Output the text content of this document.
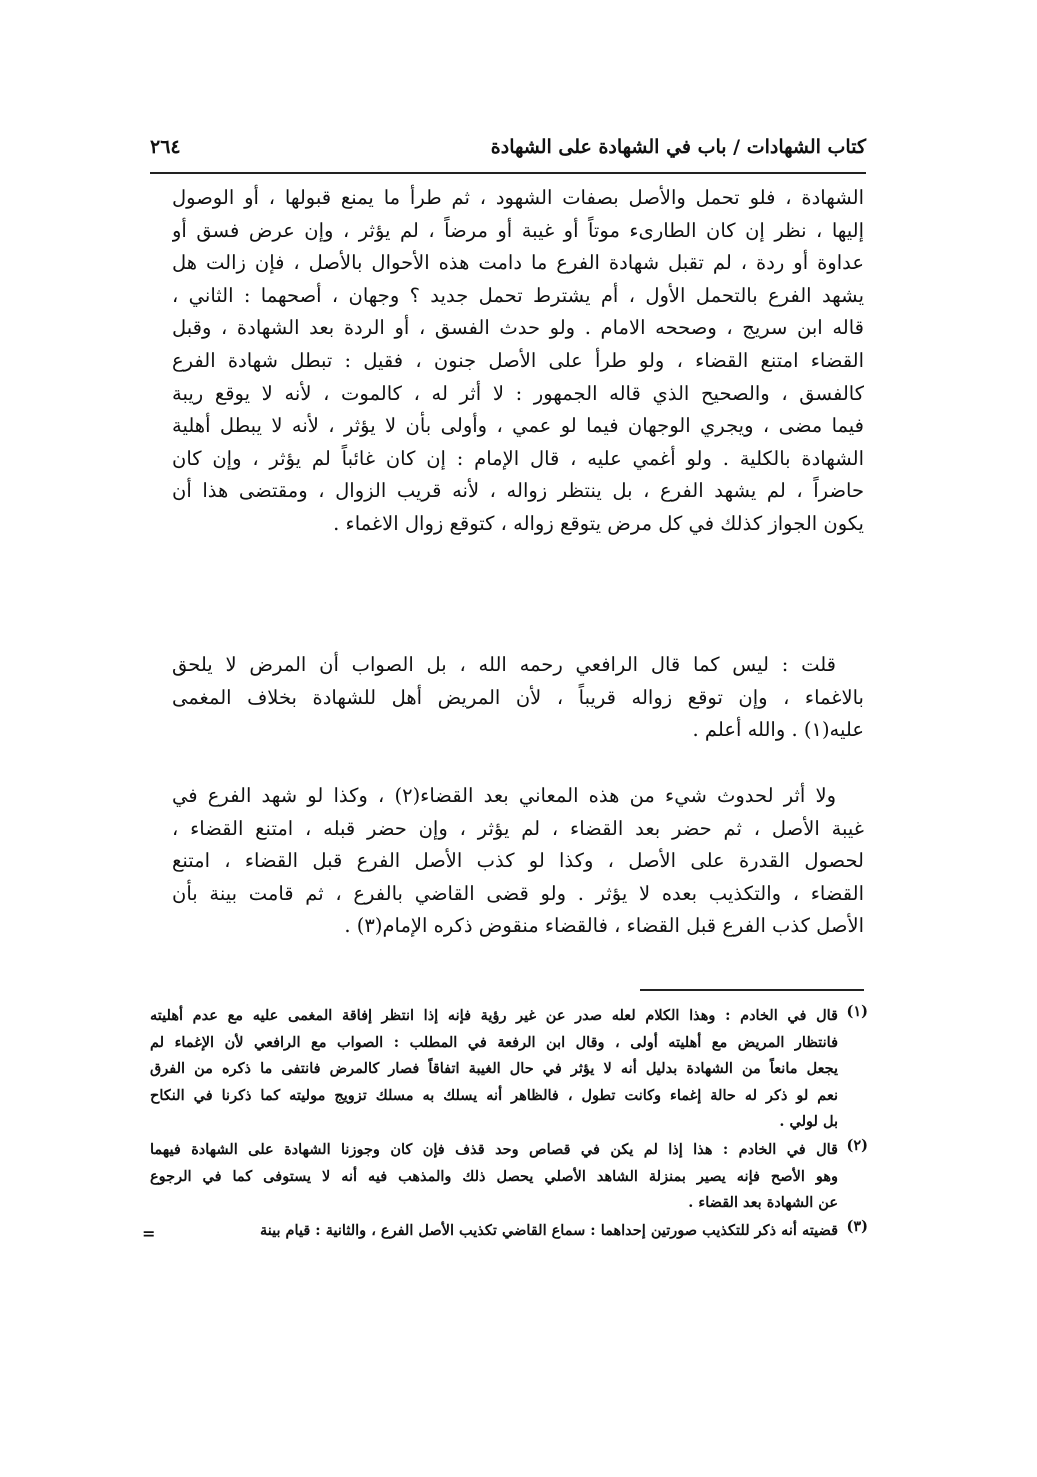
كتاب الشهادات / باب في الشهادة على الشهادة
٢٦٤
الشهادة ، فلو تحمل والأصل بصفات الشهود ، ثم طرأ ما يمنع قبولها ، أو الوصول
إليها ، نظر إن كان الطارىء موتاً أو غيبة أو مرضاً ، لم يؤثر ، وإن عرض فسق أو
عداوة أو ردة ، لم تقبل شهادة الفرع ما دامت هذه الأحوال بالأصل ، فإن زالت هل
يشهد الفرع بالتحمل الأول ، أم يشترط تحمل جديد ؟ وجهان ، أصحهما : الثاني ،
قاله ابن سريج ، وصححه الامام . ولو حدث الفسق ، أو الردة بعد الشهادة ، وقبل
القضاء امتنع القضاء ، ولو طرأ على الأصل جنون ، فقيل : تبطل شهادة الفرع
كالفسق ، والصحيح الذي قاله الجمهور : لا أثر له ، كالموت ، لأنه لا يوقع ريبة
فيما مضى ، ويجري الوجهان فيما لو عمي ، وأولى بأن لا يؤثر ، لأنه لا يبطل أهلية
الشهادة بالكلية . ولو أغمي عليه ، قال الإمام : إن كان غائباً لم يؤثر ، وإن كان
حاضراً ، لم يشهد الفرع ، بل ينتظر زواله ، لأنه قريب الزوال ، ومقتضى هذا أن
يكون الجواز كذلك في كل مرض يتوقع زواله ، كتوقع زوال الاغماء .
قلت : ليس كما قال الرافعي رحمه الله ، بل الصواب أن المرض لا يلحق
بالاغماء ، وإن توقع زواله قريباً ، لأن المريض أهل للشهادة بخلاف المغمى
عليه(١) . والله أعلم .
ولا أثر لحدوث شيء من هذه المعاني بعد القضاء(٢) ، وكذا لو شهد الفرع في
غيبة الأصل ، ثم حضر بعد القضاء ، لم يؤثر ، وإن حضر قبله ، امتنع القضاء ،
لحصول القدرة على الأصل ، وكذا لو كذب الأصل الفرع قبل القضاء ، امتنع
القضاء ، والتكذيب بعده لا يؤثر . ولو قضى القاضي بالفرع ، ثم قامت بينة بأن
الأصل كذب الفرع قبل القضاء ، فالقضاء منقوض ذكره الإمام(٣) .
(١)
قال في الخادم : وهذا الكلام لعله صدر عن غير رؤية فإنه إذا انتظر إفاقة المغمى عليه مع عدم أهليته
فانتظار المريض مع أهليته أولى ، وقال ابن الرفعة في المطلب : الصواب مع الرافعي لأن الإغماء لم
يجعل مانعاً من الشهادة بدليل أنه لا يؤثر في حال الغيبة اتفاقاً فصار كالمرض فانتفى ما ذكره من الفرق
نعم لو ذكر له حالة إغماء وكانت تطول ، فالظاهر أنه يسلك به مسلك تزويج موليته كما ذكرنا في النكاح
بل لولي .
(٢)
قال في الخادم : هذا إذا لم يكن في قصاص وحد قذف فإن كان وجوزنا الشهادة على الشهادة فيهما
وهو الأصح فإنه يصير بمنزلة الشاهد الأصلي يحصل ذلك والمذهب فيه أنه لا يستوفى كما في الرجوع
عن الشهادة بعد القضاء .
(٣)
قضيته أنه ذكر للتكذيب صورتين إحداهما : سماع القاضي تكذيب الأصل الفرع ، والثانية : قيام بينة
=
